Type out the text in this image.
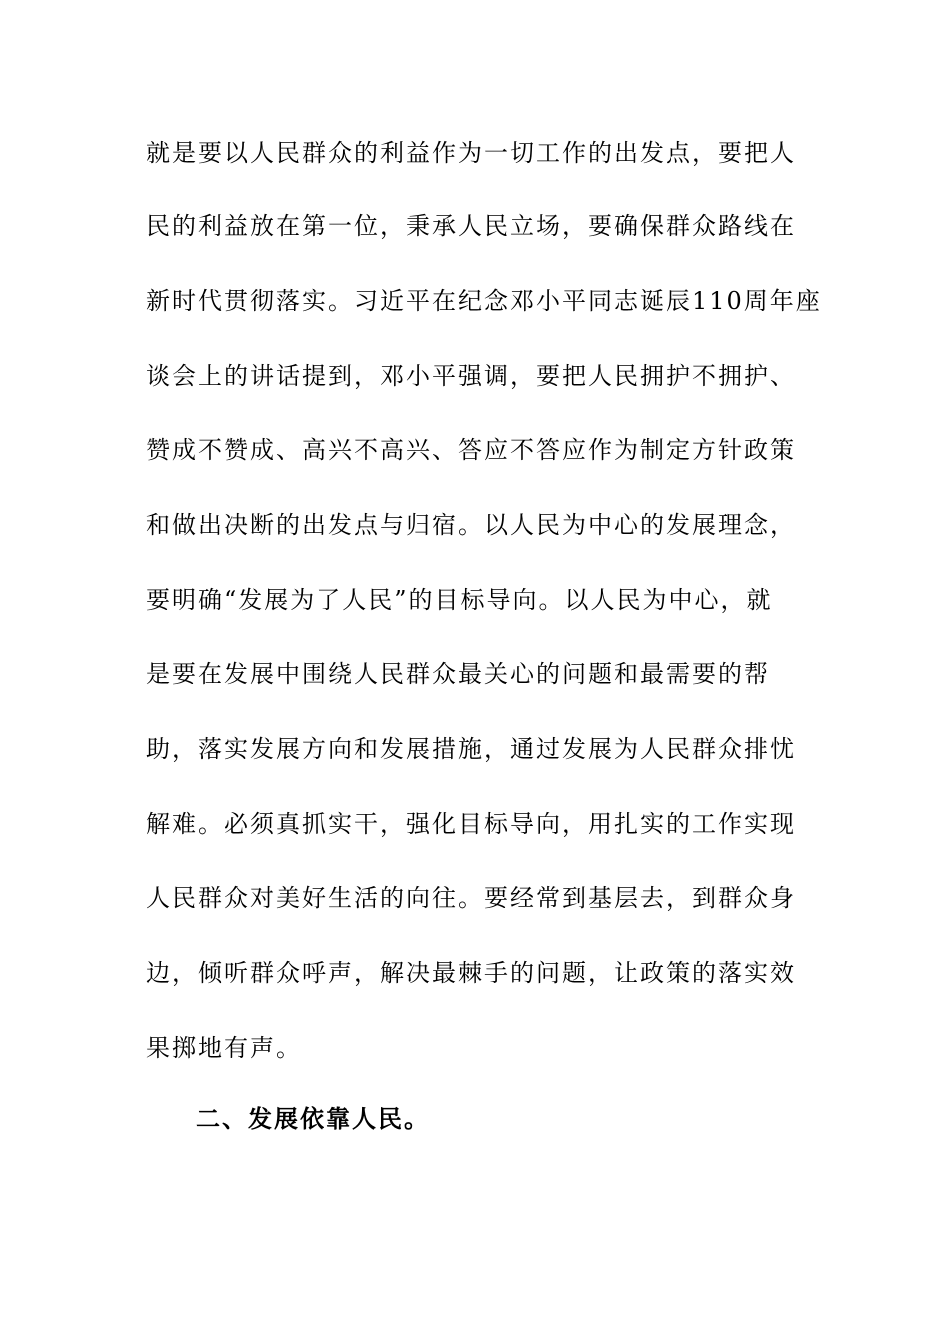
就是要以人民群众的利益作为一切工作的出发点，要把人
民的利益放在第一位，秉承人民立场，要确保群众路线在
新时代贯彻落实。习近平在纪念邓小平同志诞辰110周年座
谈会上的讲话提到，邓小平强调，要把人民拥护不拥护、
赞成不赞成、高兴不高兴、答应不答应作为制定方针政策
和做出决断的出发点与归宿。以人民为中心的发展理念，
要明确“发展为了人民”的目标导向。以人民为中心，就
是要在发展中围绕人民群众最关心的问题和最需要的帮
助，落实发展方向和发展措施，通过发展为人民群众排忧
解难。必须真抓实干，强化目标导向，用扎实的工作实现
人民群众对美好生活的向往。要经常到基层去，到群众身
边，倾听群众呼声，解决最棘手的问题，让政策的落实效
果掷地有声。
二、发展依靠人民。
